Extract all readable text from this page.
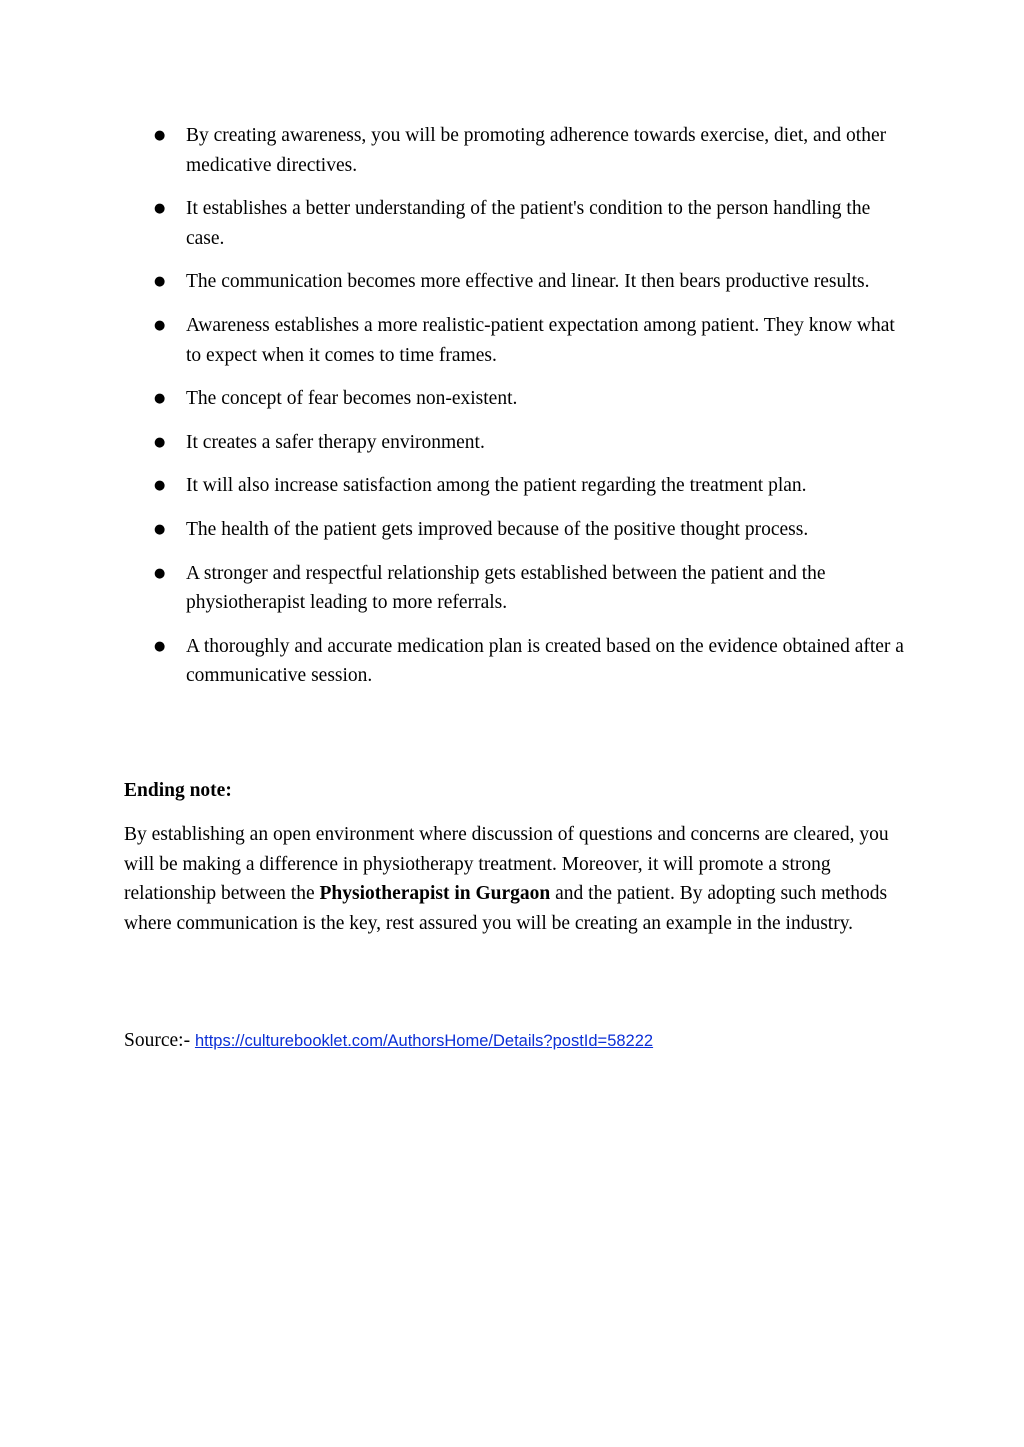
● By creating awareness, you will be promoting adherence towards exercise, diet, and other medicative directives.
● It establishes a better understanding of the patient's condition to the person handling the case.
● The communication becomes more effective and linear. It then bears productive results.
● Awareness establishes a more realistic-patient expectation among patient. They know what to expect when it comes to time frames.
● The concept of fear becomes non-existent.
● It creates a safer therapy environment.
● It will also increase satisfaction among the patient regarding the treatment plan.
● The health of the patient gets improved because of the positive thought process.
● A stronger and respectful relationship gets established between the patient and the physiotherapist leading to more referrals.
● A thoroughly and accurate medication plan is created based on the evidence obtained after a communicative session.
Ending note:

By establishing an open environment where discussion of questions and concerns are cleared, you will be making a difference in physiotherapy treatment. Moreover, it will promote a strong relationship between the Physiotherapist in Gurgaon and the patient. By adopting such methods where communication is the key, rest assured you will be creating an example in the industry.

Source:- https://culturebooklet.com/AuthorsHome/Details?postId=58222
